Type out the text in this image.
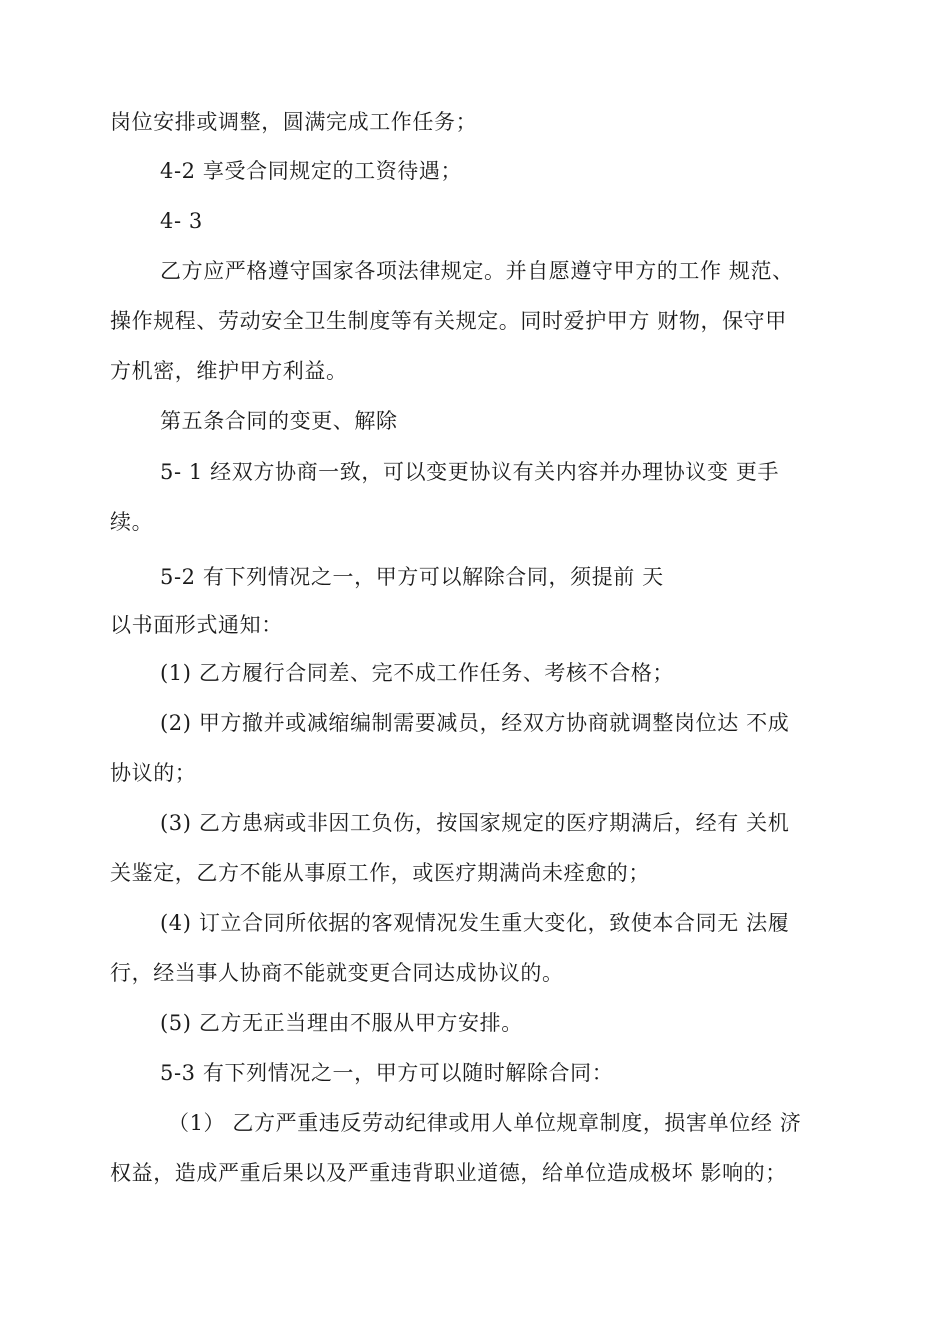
岗位安排或调整，圆满完成工作任务；
4-2 享受合同规定的工资待遇；
4- 3
乙方应严格遵守国家各项法律规定。并自愿遵守甲方的工作 规范、
操作规程、劳动安全卫生制度等有关规定。同时爱护甲方 财物，保守甲
方机密，维护甲方利益。
第五条合同的变更、解除
5- 1 经双方协商一致，可以变更协议有关内容并办理协议变 更手
续。
5-2 有下列情况之一，甲方可以解除合同，须提前 天
以书面形式通知：
(1) 乙方履行合同差、完不成工作任务、考核不合格；
(2) 甲方撤并或减缩编制需要减员，经双方协商就调整岗位达 不成
协议的；
(3) 乙方患病或非因工负伤，按国家规定的医疗期满后，经有 关机
关鉴定，乙方不能从事原工作，或医疗期满尚未痊愈的；
(4) 订立合同所依据的客观情况发生重大变化，致使本合同无 法履
行，经当事人协商不能就变更合同达成协议的。
(5) 乙方无正当理由不服从甲方安排。
5-3 有下列情况之一，甲方可以随时解除合同：
（1） 乙方严重违反劳动纪律或用人单位规章制度，损害单位经 济
权益，造成严重后果以及严重违背职业道德，给单位造成极坏 影响的；
